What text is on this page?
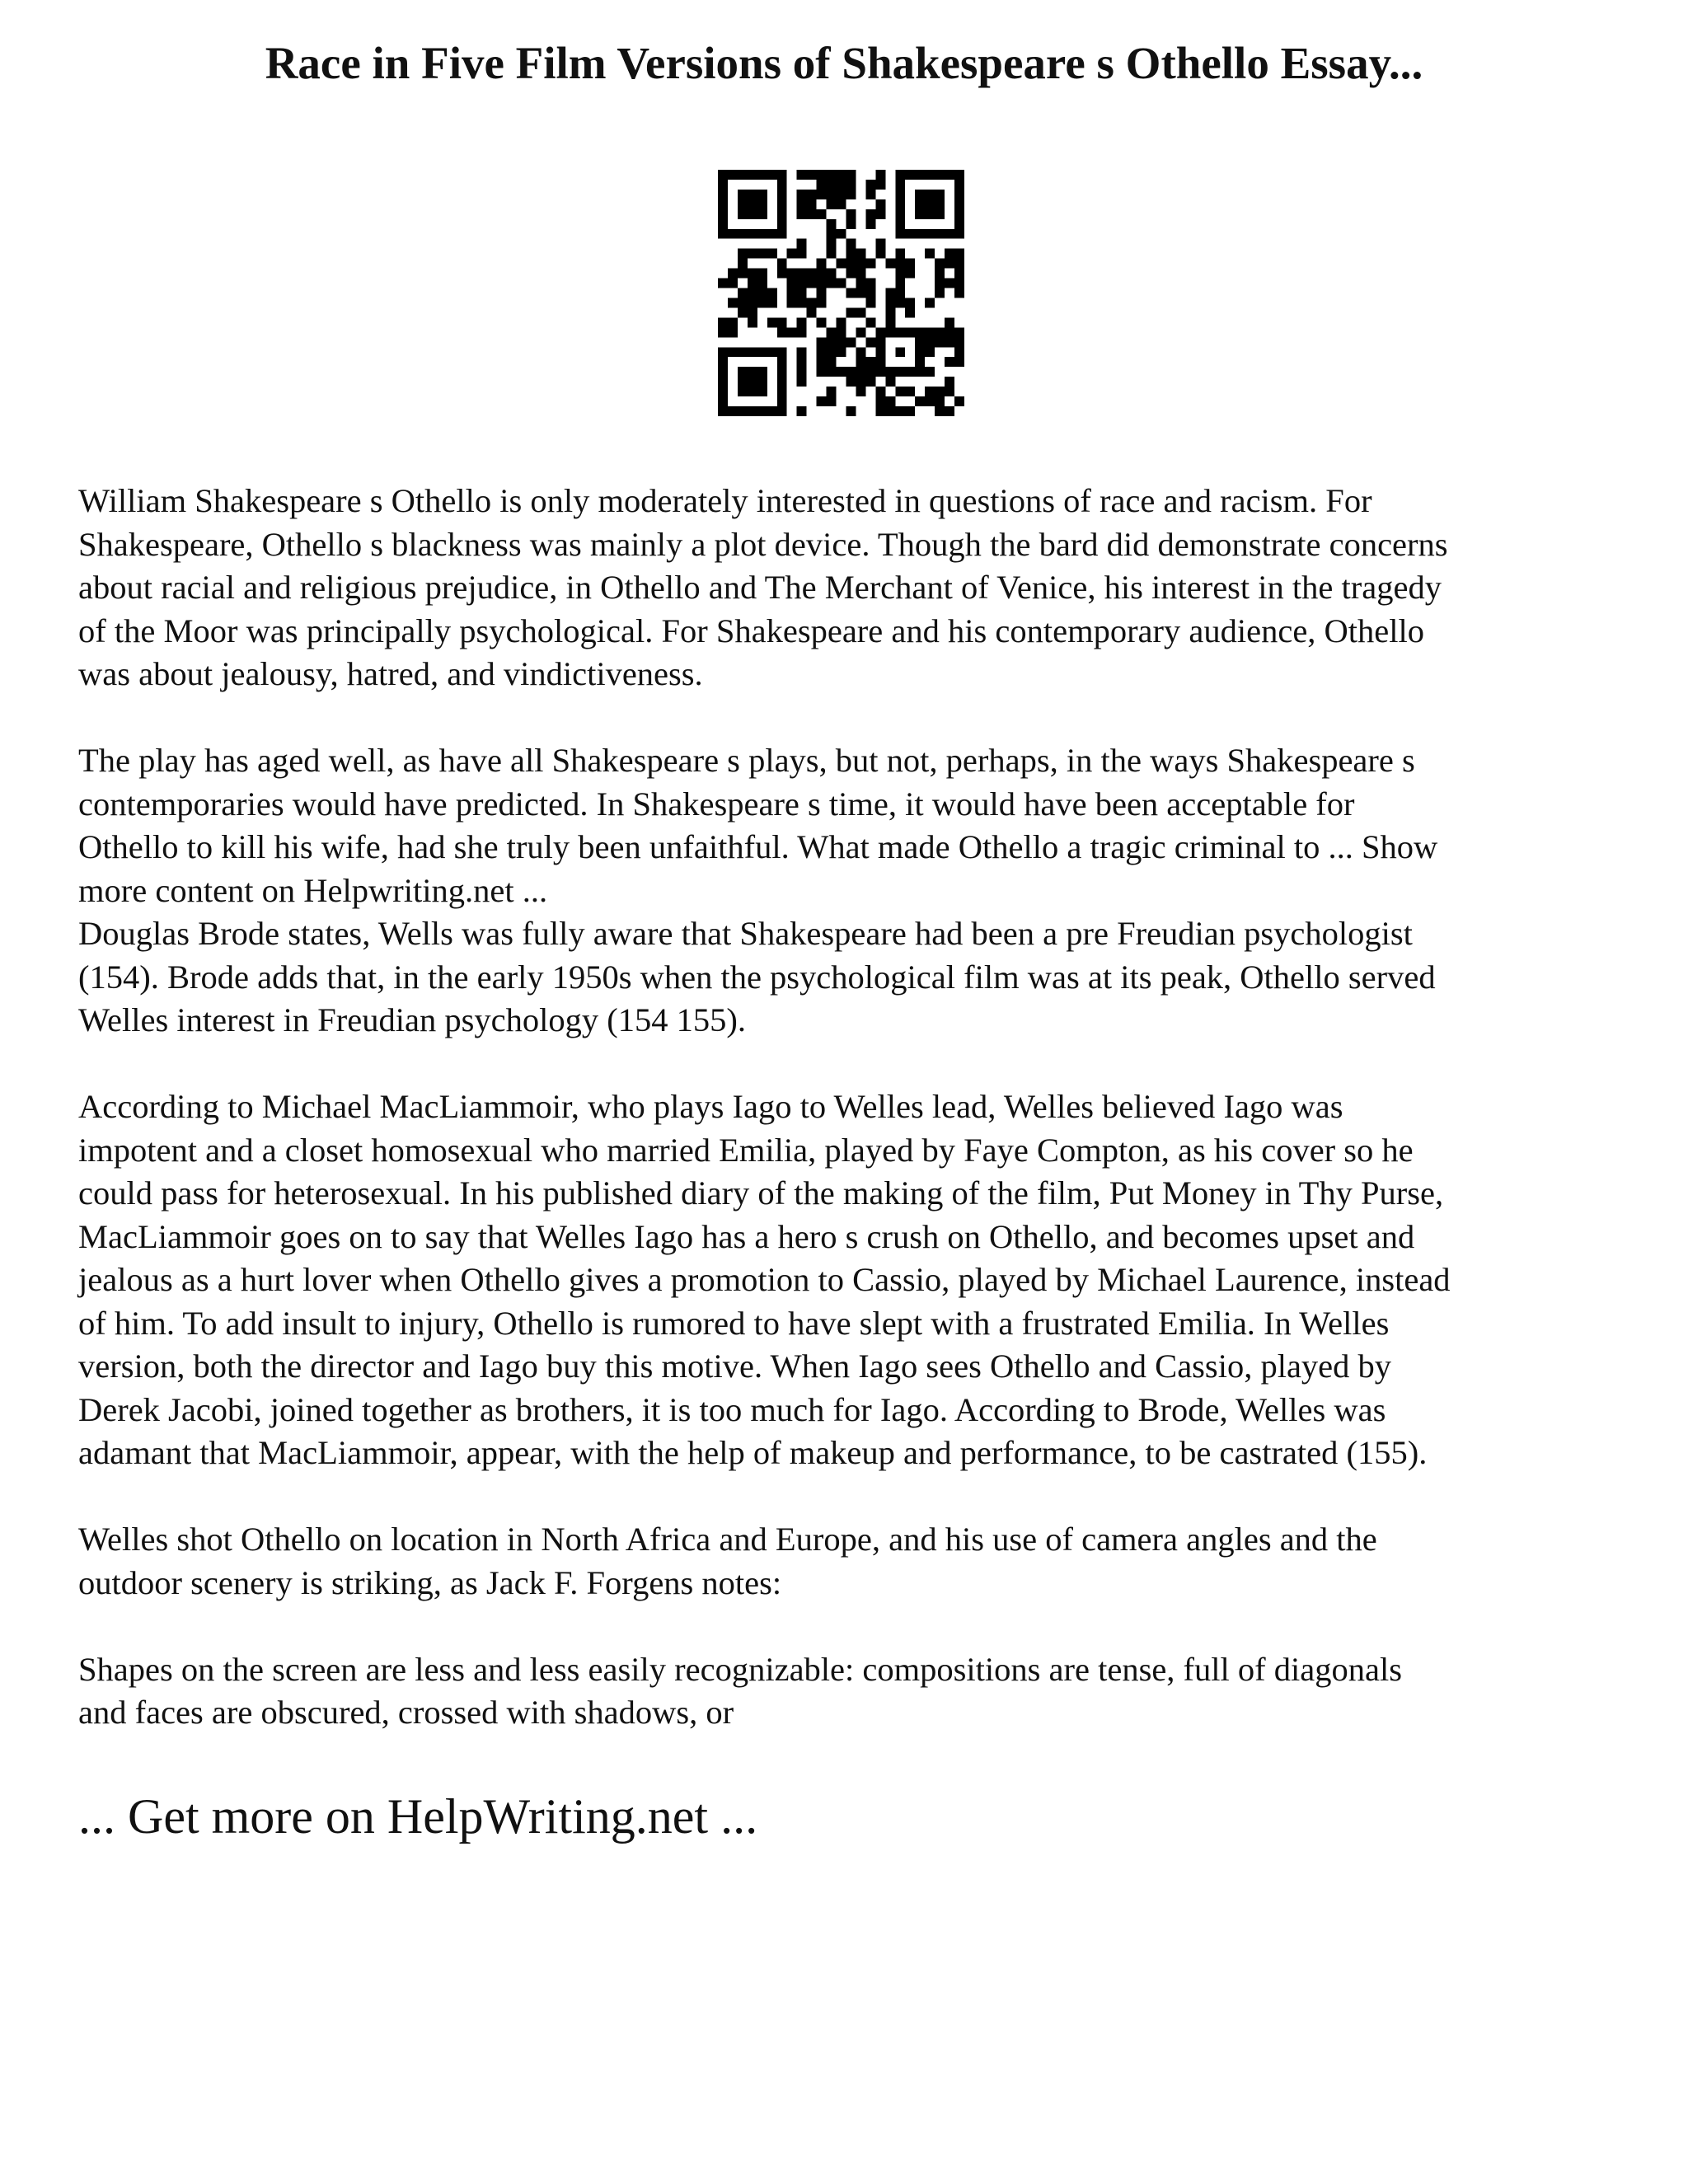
Race in Five Film Versions of Shakespeare s Othello Essay...

William Shakespeare s Othello is only moderately interested in questions of race and racism. For

Shakespeare, Othello s blackness was mainly a plot device. Though the bard did demonstrate concerns

about racial and religious prejudice, in Othello and The Merchant of Venice, his interest in the tragedy

of the Moor was principally psychological. For Shakespeare and his contemporary audience, Othello

was about jealousy, hatred, and vindictiveness.

The play has aged well, as have all Shakespeare s plays, but not, perhaps, in the ways Shakespeare s

contemporaries would have predicted. In Shakespeare s time, it would have been acceptable for

Othello to kill his wife, had she truly been unfaithful. What made Othello a tragic criminal to ... Show

more content on Helpwriting.net ...

Douglas Brode states, Wells was fully aware that Shakespeare had been a pre Freudian psychologist

(154). Brode adds that, in the early 1950s when the psychological film was at its peak, Othello served

Welles interest in Freudian psychology (154 155).

According to Michael MacLiammoir, who plays Iago to Welles lead, Welles believed Iago was

impotent and a closet homosexual who married Emilia, played by Faye Compton, as his cover so he

could pass for heterosexual. In his published diary of the making of the film, Put Money in Thy Purse,

MacLiammoir goes on to say that Welles Iago has a hero s crush on Othello, and becomes upset and

jealous as a hurt lover when Othello gives a promotion to Cassio, played by Michael Laurence, instead

of him. To add insult to injury, Othello is rumored to have slept with a frustrated Emilia. In Welles

version, both the director and Iago buy this motive. When Iago sees Othello and Cassio, played by

Derek Jacobi, joined together as brothers, it is too much for Iago. According to Brode, Welles was

adamant that MacLiammoir, appear, with the help of makeup and performance, to be castrated (155).

Welles shot Othello on location in North Africa and Europe, and his use of camera angles and the

outdoor scenery is striking, as Jack F. Forgens notes:

Shapes on the screen are less and less easily recognizable: compositions are tense, full of diagonals

and faces are obscured, crossed with shadows, or

... Get more on HelpWriting.net ...
